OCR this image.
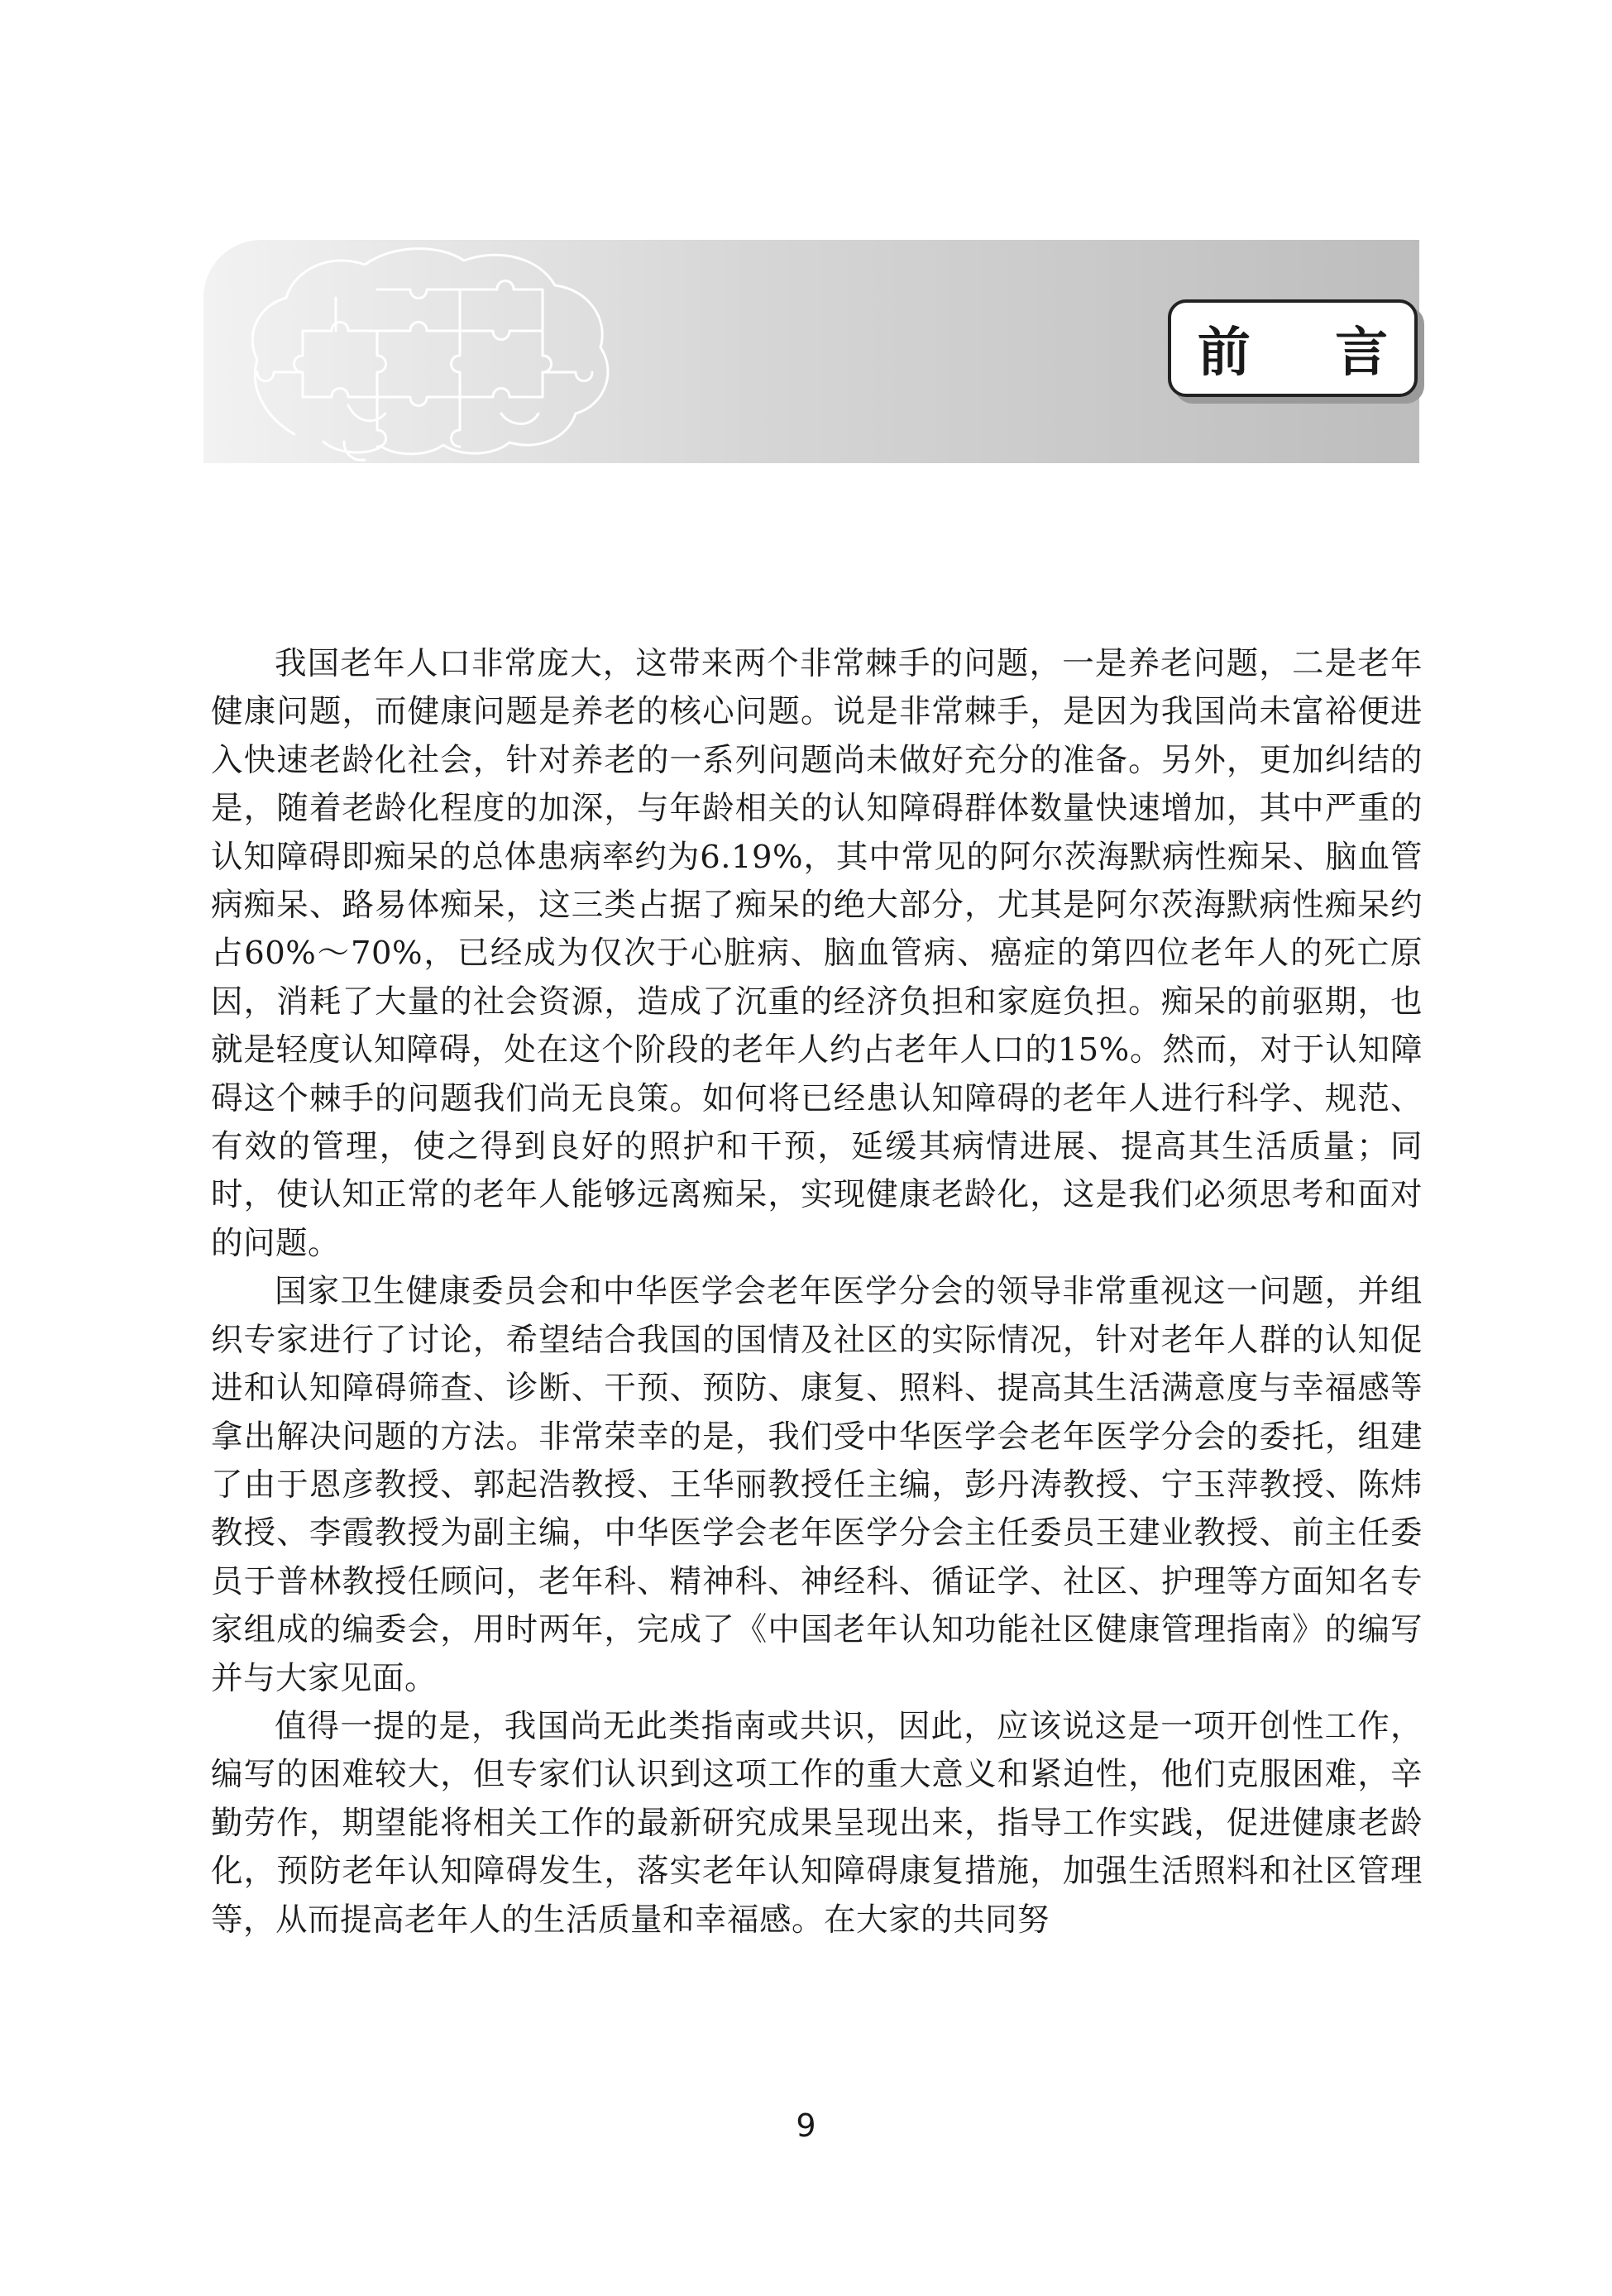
前 言

我国老年人口非常庞大，这带来两个非常棘手的问题，一是养老问题，二是老年健康问题，而健康问题是养老的核心问题。说是非常棘手，是因为我国尚未富裕便进入快速老龄化社会，针对养老的一系列问题尚未做好充分的准备。另外，更加纠结的是，随着老龄化程度的加深，与年龄相关的认知障碍群体数量快速增加，其中严重的认知障碍即痴呆的总体患病率约为6.19%，其中常见的阿尔茨海默病性痴呆、脑血管病痴呆、路易体痴呆，这三类占据了痴呆的绝大部分，尤其是阿尔茨海默病性痴呆约占60%～70%，已经成为仅次于心脏病、脑血管病、癌症的第四位老年人的死亡原因，消耗了大量的社会资源，造成了沉重的经济负担和家庭负担。痴呆的前驱期，也就是轻度认知障碍，处在这个阶段的老年人约占老年人口的15%。然而，对于认知障碍这个棘手的问题我们尚无良策。如何将已经患认知障碍的老年人进行科学、规范、有效的管理，使之得到良好的照护和干预，延缓其病情进展、提高其生活质量；同时，使认知正常的老年人能够远离痴呆，实现健康老龄化，这是我们必须思考和面对的问题。

国家卫生健康委员会和中华医学会老年医学分会的领导非常重视这一问题，并组织专家进行了讨论，希望结合我国的国情及社区的实际情况，针对老年人群的认知促进和认知障碍筛查、诊断、干预、预防、康复、照料、提高其生活满意度与幸福感等拿出解决问题的方法。非常荣幸的是，我们受中华医学会老年医学分会的委托，组建了由于恩彦教授、郭起浩教授、王华丽教授任主编，彭丹涛教授、宁玉萍教授、陈炜教授、李霞教授为副主编，中华医学会老年医学分会主任委员王建业教授、前主任委员于普林教授任顾问，老年科、精神科、神经科、循证学、社区、护理等方面知名专家组成的编委会，用时两年，完成了《中国老年认知功能社区健康管理指南》的编写并与大家见面。

值得一提的是，我国尚无此类指南或共识，因此，应该说这是一项开创性工作，编写的困难较大，但专家们认识到这项工作的重大意义和紧迫性，他们克服困难，辛勤劳作，期望能将相关工作的最新研究成果呈现出来，指导工作实践，促进健康老龄化，预防老年认知障碍发生，落实老年认知障碍康复措施，加强生活照料和社区管理等，从而提高老年人的生活质量和幸福感。在大家的共同努

9
